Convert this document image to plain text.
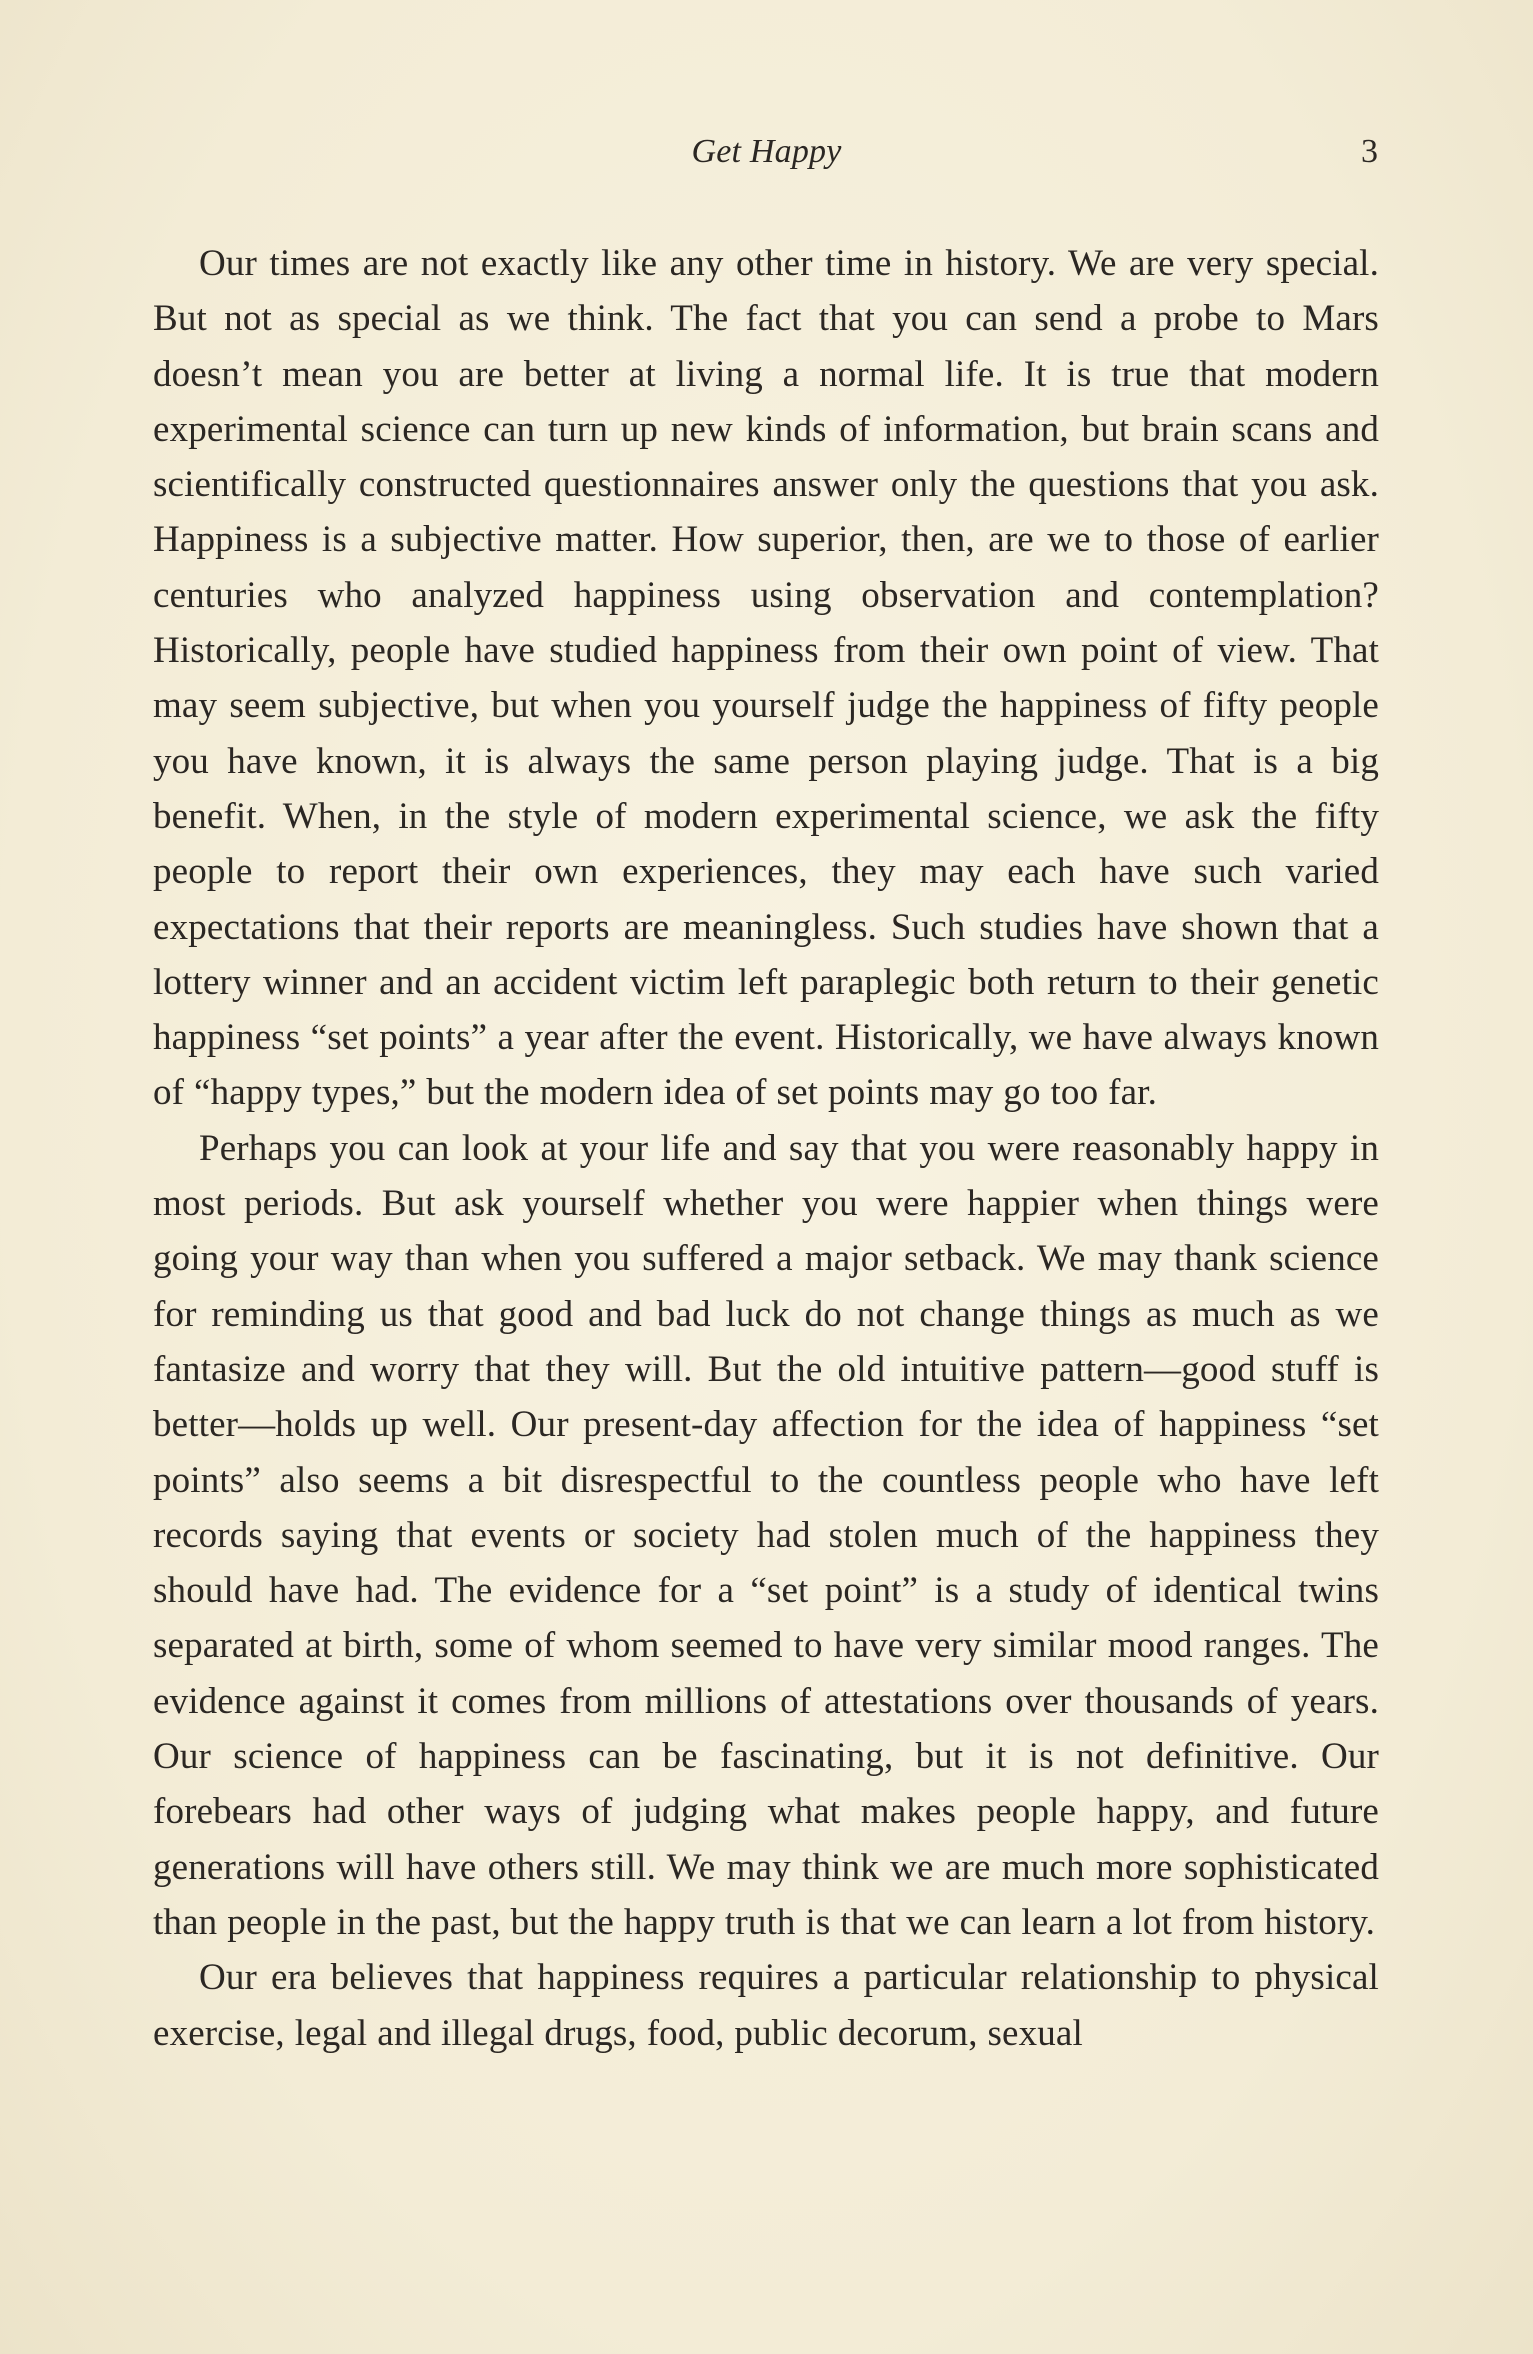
Get Happy	3

Our times are not exactly like any other time in history. We are very special. But not as special as we think. The fact that you can send a probe to Mars doesn’t mean you are better at living a normal life. It is true that modern experimental science can turn up new kinds of information, but brain scans and scientifically constructed questionnaires answer only the questions that you ask. Happiness is a subjective matter. How superior, then, are we to those of earlier centuries who analyzed happiness using observation and contemplation? Historically, people have studied happiness from their own point of view. That may seem subjective, but when you yourself judge the happiness of fifty people you have known, it is always the same person playing judge. That is a big benefit. When, in the style of modern experimental science, we ask the fifty people to report their own experiences, they may each have such varied expectations that their reports are meaningless. Such studies have shown that a lottery winner and an accident victim left paraplegic both return to their genetic happiness “set points” a year after the event. Historically, we have always known of “happy types,” but the modern idea of set points may go too far.

Perhaps you can look at your life and say that you were reasonably happy in most periods. But ask yourself whether you were happier when things were going your way than when you suffered a major setback. We may thank science for reminding us that good and bad luck do not change things as much as we fantasize and worry that they will. But the old intuitive pattern—good stuff is better—holds up well. Our present-day affection for the idea of happiness “set points” also seems a bit disrespectful to the countless people who have left records saying that events or society had stolen much of the happiness they should have had. The evidence for a “set point” is a study of identical twins separated at birth, some of whom seemed to have very similar mood ranges. The evidence against it comes from millions of attestations over thousands of years. Our science of happiness can be fascinating, but it is not definitive. Our forebears had other ways of judging what makes people happy, and future generations will have others still. We may think we are much more sophisticated than people in the past, but the happy truth is that we can learn a lot from history.

Our era believes that happiness requires a particular relationship to physical exercise, legal and illegal drugs, food, public decorum, sexual
